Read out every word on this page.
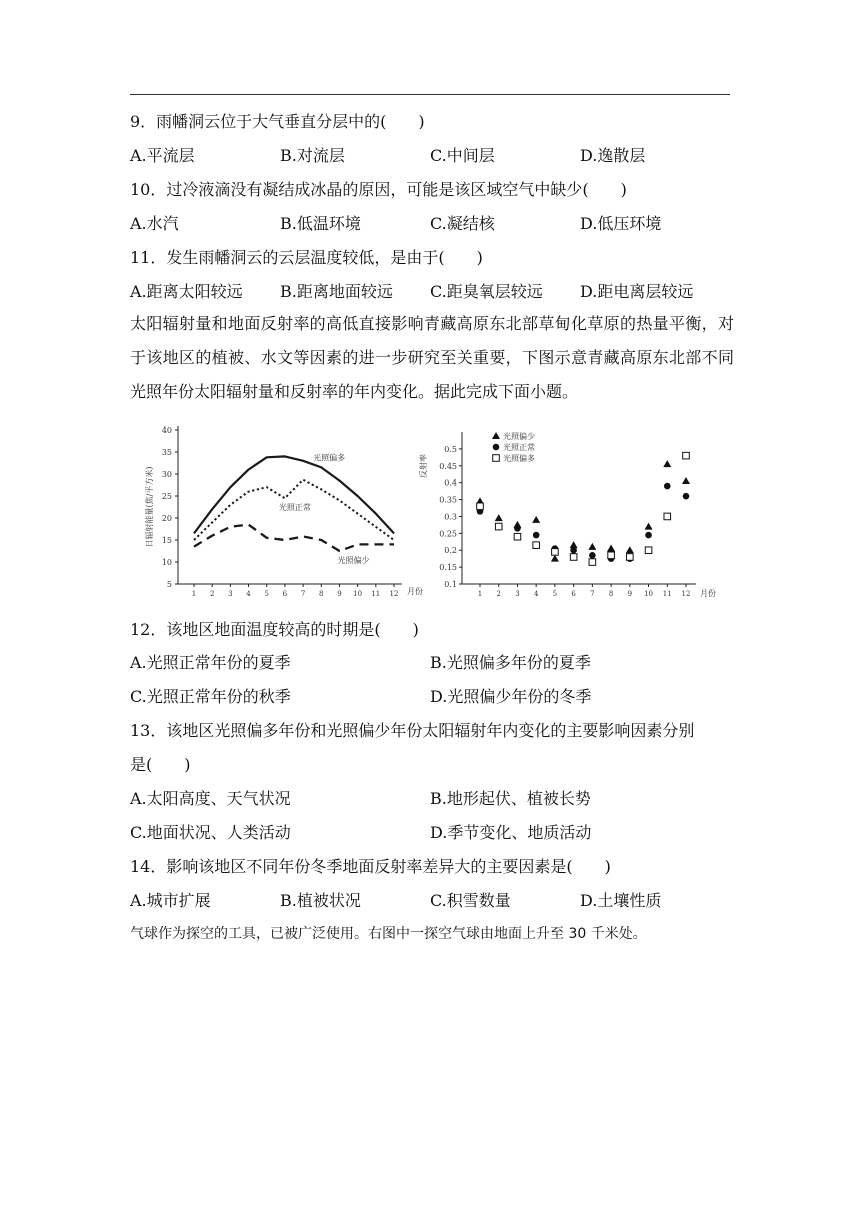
9．雨幡洞云位于大气垂直分层中的(　　)
A.平流层	B.对流层	C.中间层	D.逸散层
10．过冷液滴没有凝结成冰晶的原因，可能是该区域空气中缺少(　　)
A.水汽	B.低温环境	C.凝结核	D.低压环境
11．发生雨幡洞云的云层温度较低，是由于(　　)
A.距离太阳较远 B.距离地面较远 C.距臭氧层较远 D.距电离层较远
太阳辐射量和地面反射率的高低直接影响青藏高原东北部草甸化草原的热量平衡，对于该地区的植被、水文等因素的进一步研究至关重要，下图示意青藏高原东北部不同光照年份太阳辐射量和反射率的年内变化。据此完成下面小题。
5
10
15
20
25
30
35
40
1 2 3 4 5 6 7 8 9 10 11 12 月份
日辐射能量(焦/平方米)
光照偏多
光照正常
光照偏少
0.1
0.15
0.2
0.25
0.3
0.35
0.4
0.45
0.5
1 2 3 4 5 6 7 8 9 10 11 12 月份
反射率
光照偏少
光照正常
光照偏多
12．该地区地面温度较高的时期是(　　)
A.光照正常年份的夏季	B.光照偏多年份的夏季
C.光照正常年份的秋季	D.光照偏少年份的冬季
13．该地区光照偏多年份和光照偏少年份太阳辐射年内变化的主要影响因素分别
是(　　)
A.太阳高度、天气状况	B.地形起伏、植被长势
C.地面状况、人类活动	D.季节变化、地质活动
14．影响该地区不同年份冬季地面反射率差异大的主要因素是(　　)
A.城市扩展	B.植被状况	C.积雪数量	D.土壤性质
气球作为探空的工具，已被广泛使用。右图中一探空气球由地面上升至 30 千米处。
